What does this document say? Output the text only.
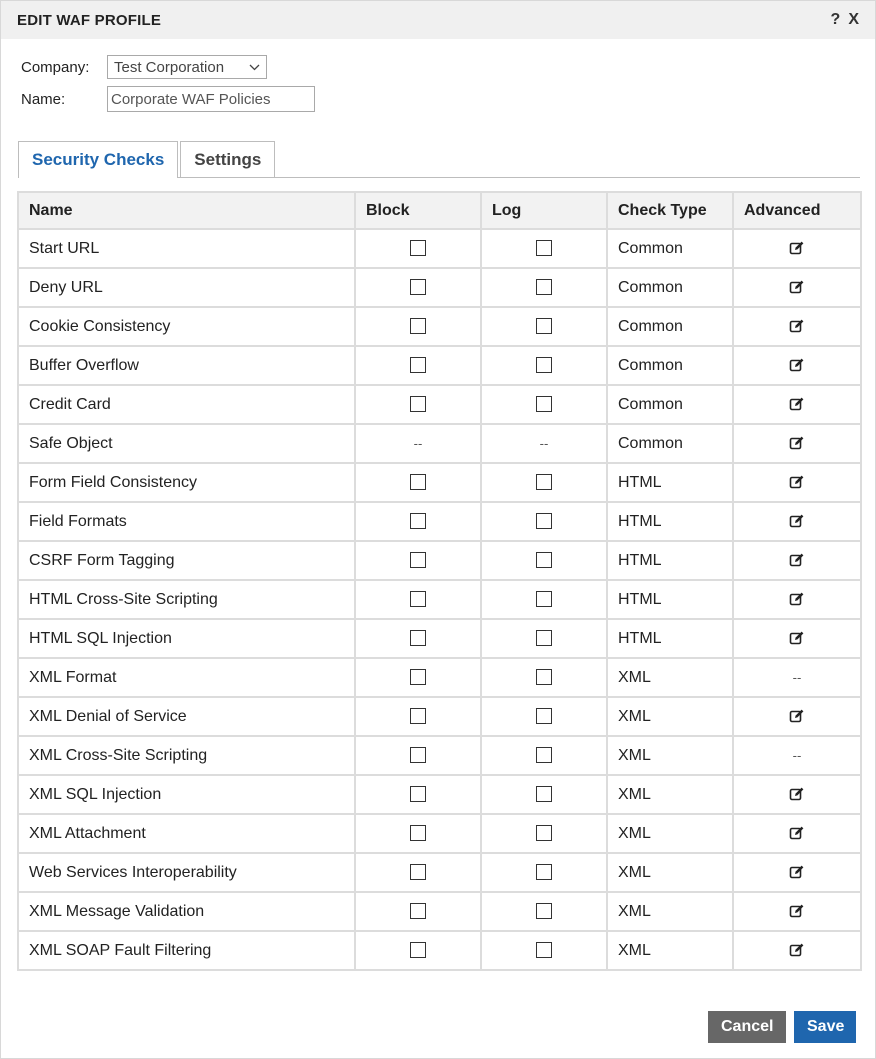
EDIT WAF PROFILE	? X
Company:	Test Corporation
Name:
Corporate WAF Policies
Security Checks	Settings
Name	Block	Log	Check Type	Advanced
Start URL			Common	
Deny URL			Common	
Cookie Consistency			Common	
Buffer Overflow			Common	
Credit Card			Common	
Safe Object	--	--	Common	
Form Field Consistency			HTML	
Field Formats			HTML	
CSRF Form Tagging			HTML	
HTML Cross-Site Scripting			HTML	
HTML SQL Injection			HTML	
XML Format			XML	--
XML Denial of Service			XML	
XML Cross-Site Scripting			XML	--
XML SQL Injection			XML	
XML Attachment			XML	
Web Services Interoperability			XML	
XML Message Validation			XML	
XML SOAP Fault Filtering			XML	
Cancel	Save
